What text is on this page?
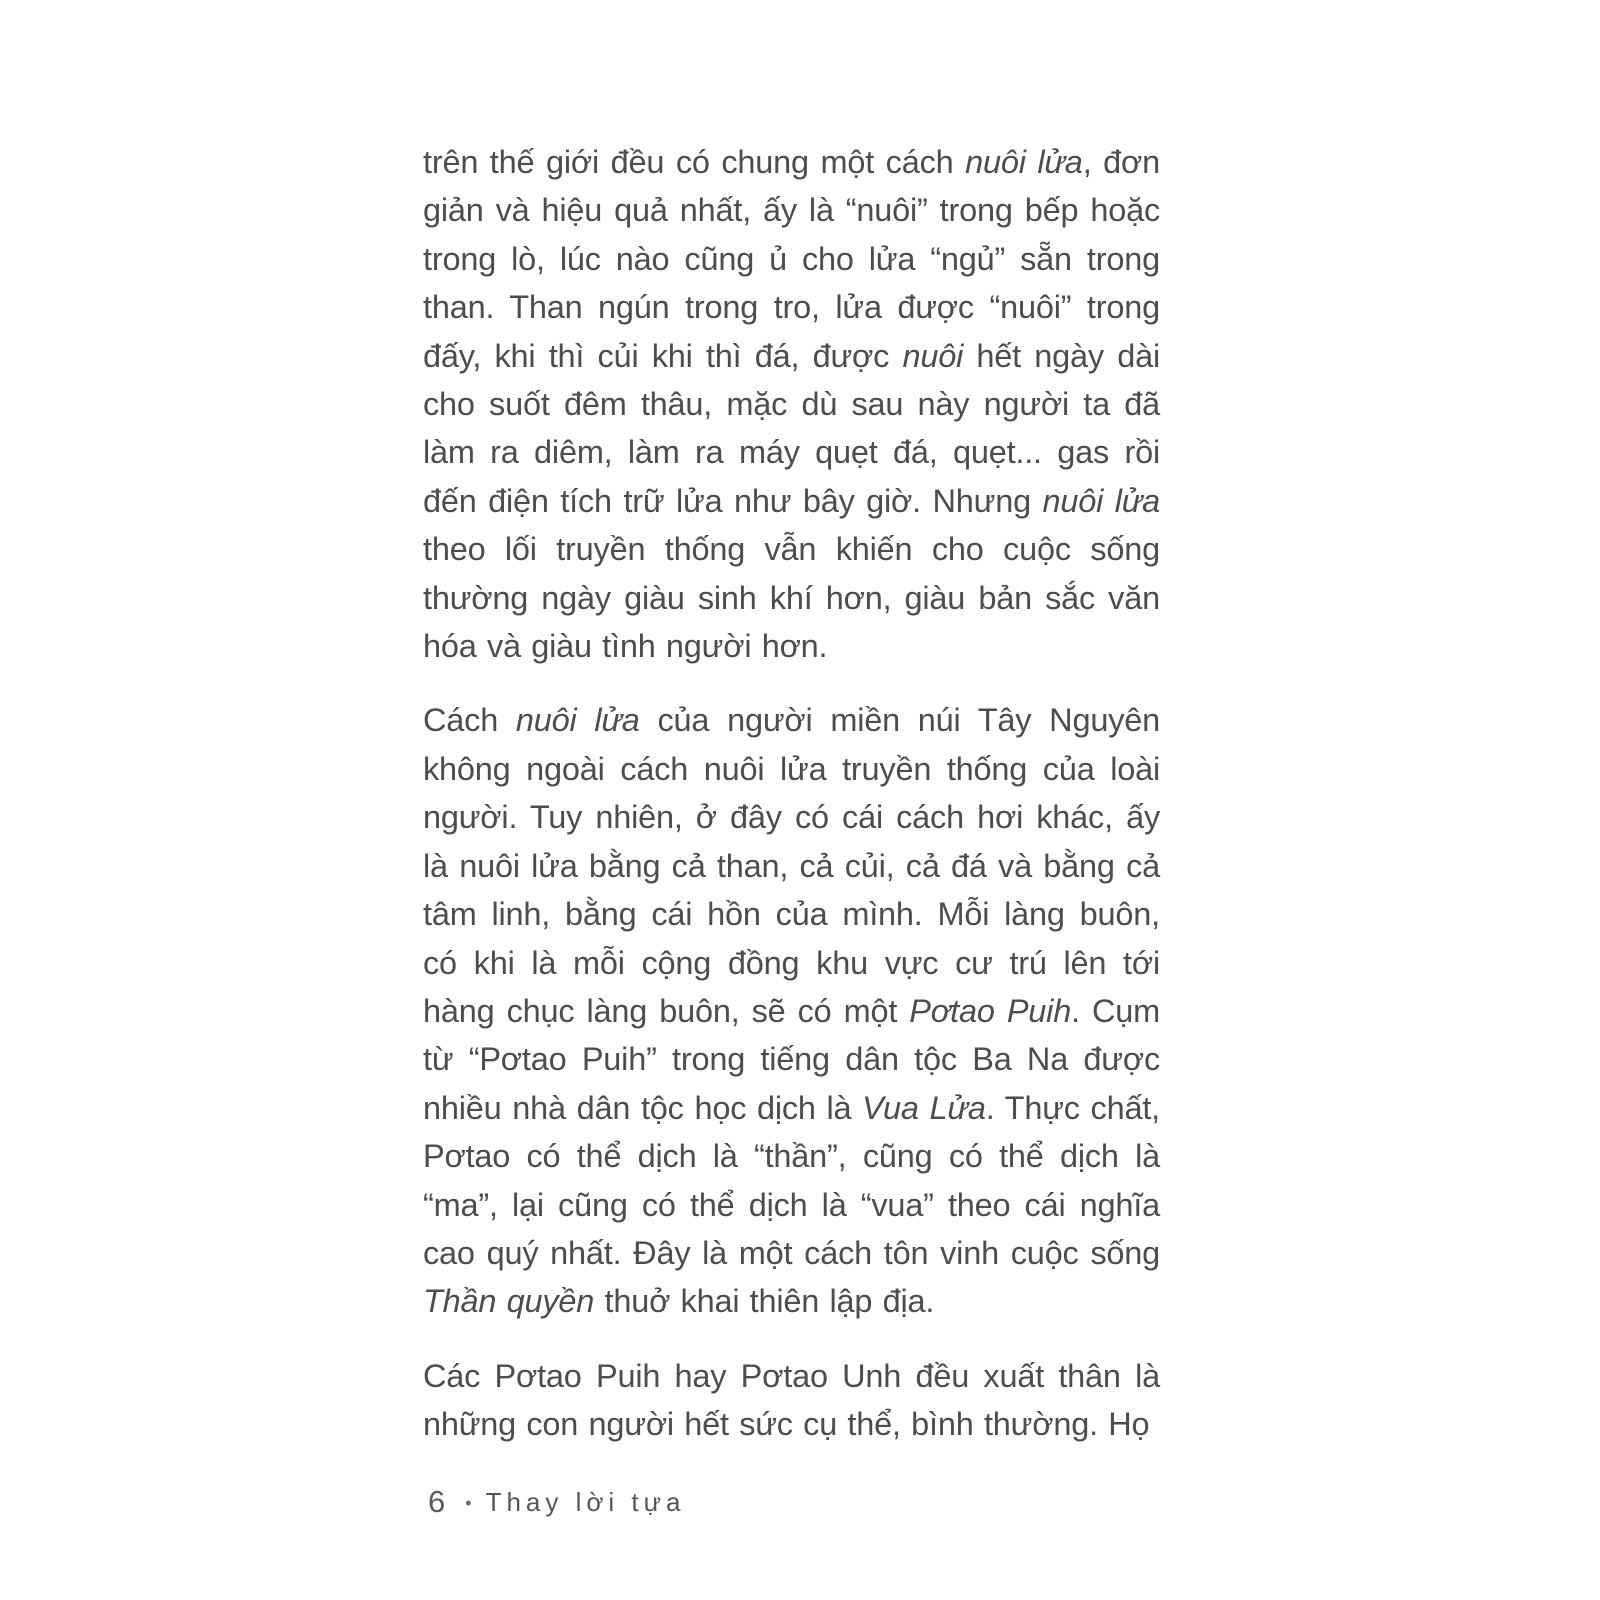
trên thế giới đều có chung một cách nuôi lửa, đơn giản và hiệu quả nhất, ấy là “nuôi” trong bếp hoặc trong lò, lúc nào cũng ủ cho lửa “ngủ” sẵn trong than. Than ngún trong tro, lửa được “nuôi” trong đấy, khi thì củi khi thì đá, được nuôi hết ngày dài cho suốt đêm thâu, mặc dù sau này người ta đã làm ra diêm, làm ra máy quẹt đá, quẹt... gas rồi đến điện tích trữ lửa như bây giờ. Nhưng nuôi lửa theo lối truyền thống vẫn khiến cho cuộc sống thường ngày giàu sinh khí hơn, giàu bản sắc văn hóa và giàu tình người hơn.

Cách nuôi lửa của người miền núi Tây Nguyên không ngoài cách nuôi lửa truyền thống của loài người. Tuy nhiên, ở đây có cái cách hơi khác, ấy là nuôi lửa bằng cả than, cả củi, cả đá và bằng cả tâm linh, bằng cái hồn của mình. Mỗi làng buôn, có khi là mỗi cộng đồng khu vực cư trú lên tới hàng chục làng buôn, sẽ có một Pơtao Puih. Cụm từ “Pơtao Puih” trong tiếng dân tộc Ba Na được nhiều nhà dân tộc học dịch là Vua Lửa. Thực chất, Pơtao có thể dịch là “thần”, cũng có thể dịch là “ma”, lại cũng có thể dịch là “vua” theo cái nghĩa cao quý nhất. Đây là một cách tôn vinh cuộc sống Thần quyền thuở khai thiên lập địa.

Các Pơtao Puih hay Pơtao Unh đều xuất thân là những con người hết sức cụ thể, bình thường. Họ

6 • Thay lời tựa
